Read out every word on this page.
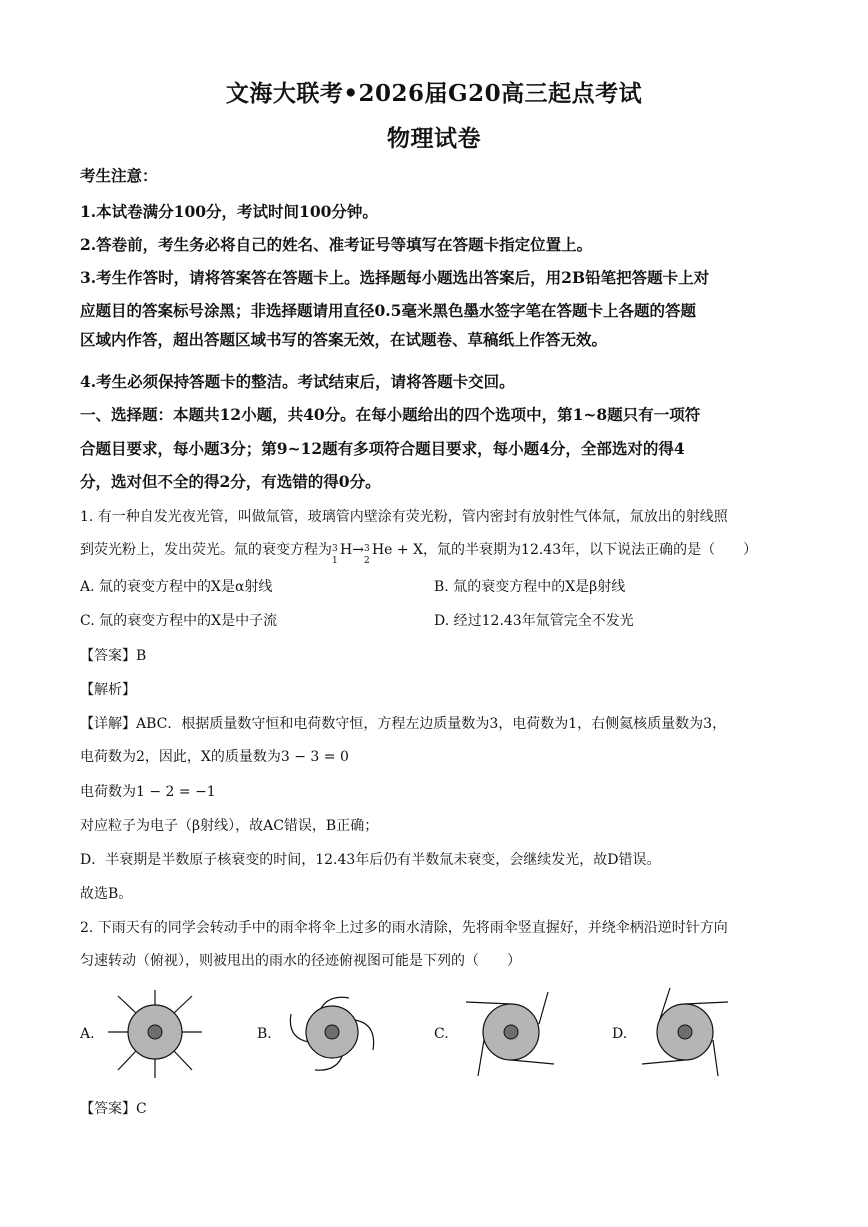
文海大联考•2026届G20高三起点考试
物理试卷
考生注意：
1.本试卷满分100分，考试时间100分钟。
2.答卷前，考生务必将自己的姓名、准考证号等填写在答题卡指定位置上。
3.考生作答时，请将答案答在答题卡上。选择题每小题选出答案后，用2B铅笔把答题卡上对
应题目的答案标号涂黑；非选择题请用直径0.5毫米黑色墨水签字笔在答题卡上各题的答题
区域内作答，超出答题区域书写的答案无效，在试题卷、草稿纸上作答无效。
4.考生必须保持答题卡的整洁。考试结束后，请将答题卡交回。
一、选择题：本题共12小题，共40分。在每小题给出的四个选项中，第1~8题只有一项符
合题目要求，每小题3分；第9~12题有多项符合题目要求，每小题4分，全部选对的得4
分，选对但不全的得2分，有选错的得0分。
1. 有一种自发光夜光管，叫做氚管，玻璃管内壁涂有荧光粉，管内密封有放射性气体氚，氚放出的射线照
到荧光粉上，发出荧光。氚的衰变方程为 3
1
H→ 3
2
He + X，氚的半衰期为12.43年，以下说法正确的是（　　）
A. 氚的衰变方程中的X是α射线	B. 氚的衰变方程中的X是β射线
C. 氚的衰变方程中的X是中子流	D. 经过12.43年氚管完全不发光
【答案】B
【解析】
【详解】ABC．根据质量数守恒和电荷数守恒，方程左边质量数为3，电荷数为1，右侧氦核质量数为3，
电荷数为2，因此，X的质量数为3 − 3 = 0
电荷数为1 − 2 = −1
对应粒子为电子（β射线），故AC错误，B正确；
D．半衰期是半数原子核衰变的时间，12.43年后仍有半数氚未衰变，会继续发光，故D错误。
故选B。
2. 下雨天有的同学会转动手中的雨伞将伞上过多的雨水清除，先将雨伞竖直握好，并绕伞柄沿逆时针方向
匀速转动（俯视），则被甩出的雨水的径迹俯视图可能是下列的（　　）
A.	B.	C.	D.
【答案】C
